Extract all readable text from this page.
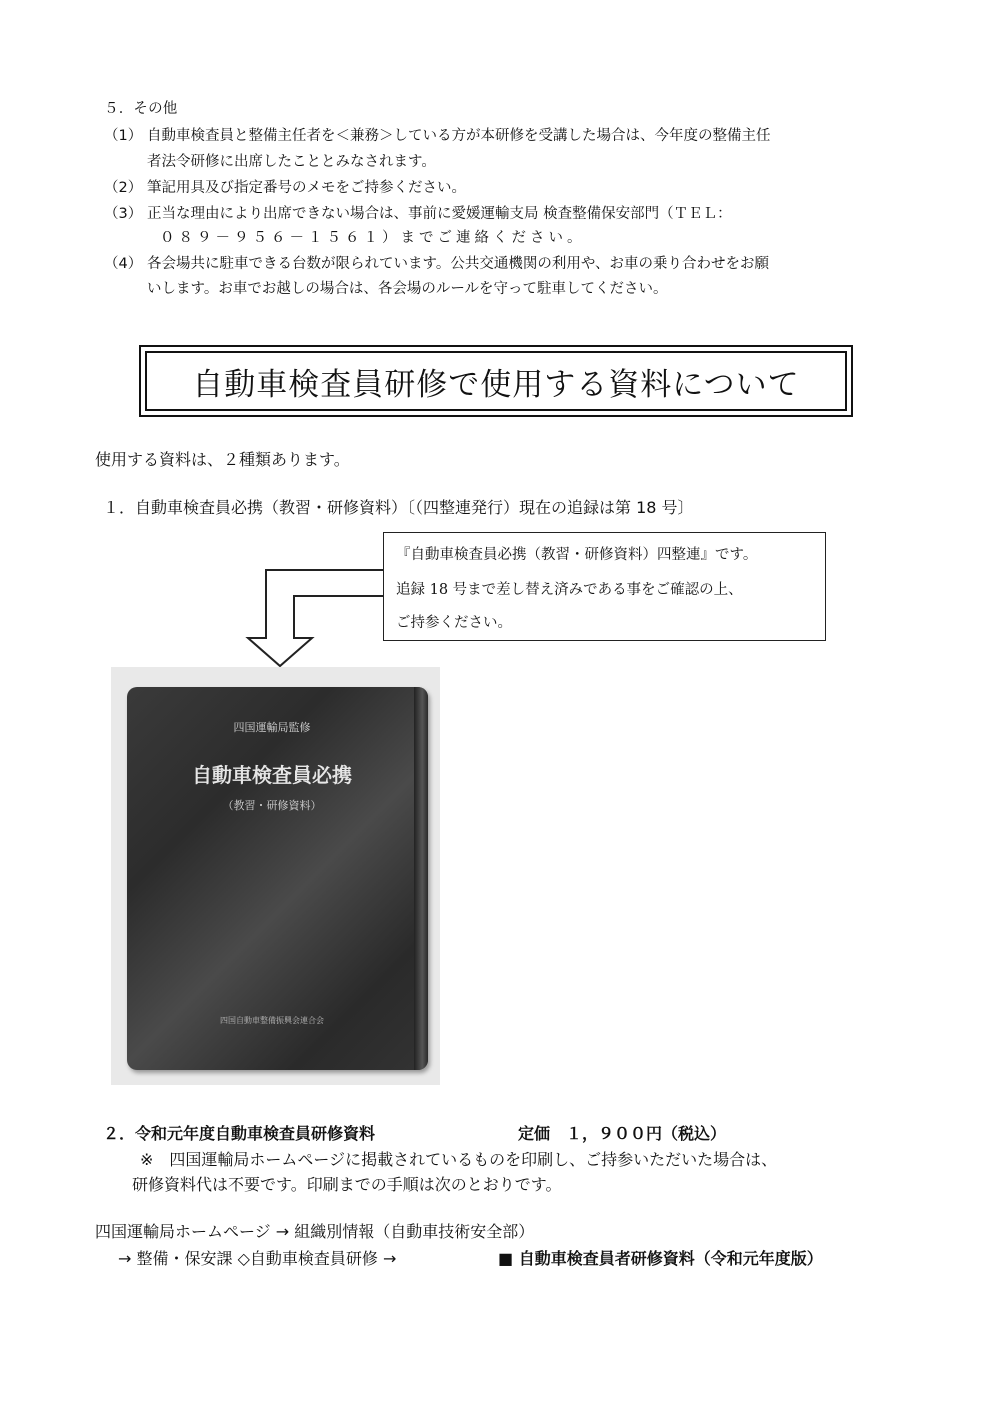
５．その他
（1） 自動車検査員と整備主任者を＜兼務＞している方が本研修を受講した場合は、今年度の整備主任
者法令研修に出席したこととみなされます。
（2） 筆記用具及び指定番号のメモをご持参ください。
（3） 正当な理由により出席できない場合は、事前に愛媛運輸支局 検査整備保安部門（ＴＥＬ：
０８９－９５６－１５６１）までご連絡ください。
（4） 各会場共に駐車できる台数が限られています。公共交通機関の利用や、お車の乗り合わせをお願
いします。お車でお越しの場合は、各会場のルールを守って駐車してください。
自動車検査員研修で使用する資料について
使用する資料は、２種類あります。
１．自動車検査員必携（教習・研修資料）〔（四整連発行）現在の追録は第 18 号〕
『自動車検査員必携（教習・研修資料）四整連』です。
追録 18 号まで差し替え済みである事をご確認の上、
ご持参ください。
四国運輸局監修
自動車検査員必携
（教習・研修資料）
四国自動車整備振興会連合会
２．令和元年度自動車検査員研修資料	定価　１，９００円（税込）
※　四国運輸局ホームページに掲載されているものを印刷し、ご持参いただいた場合は、
研修資料代は不要です。印刷までの手順は次のとおりです。
四国運輸局ホームページ → 組織別情報（自動車技術安全部）
→ 整備・保安課 ◇自動車検査員研修 →	■ 自動車検査員者研修資料（令和元年度版）
